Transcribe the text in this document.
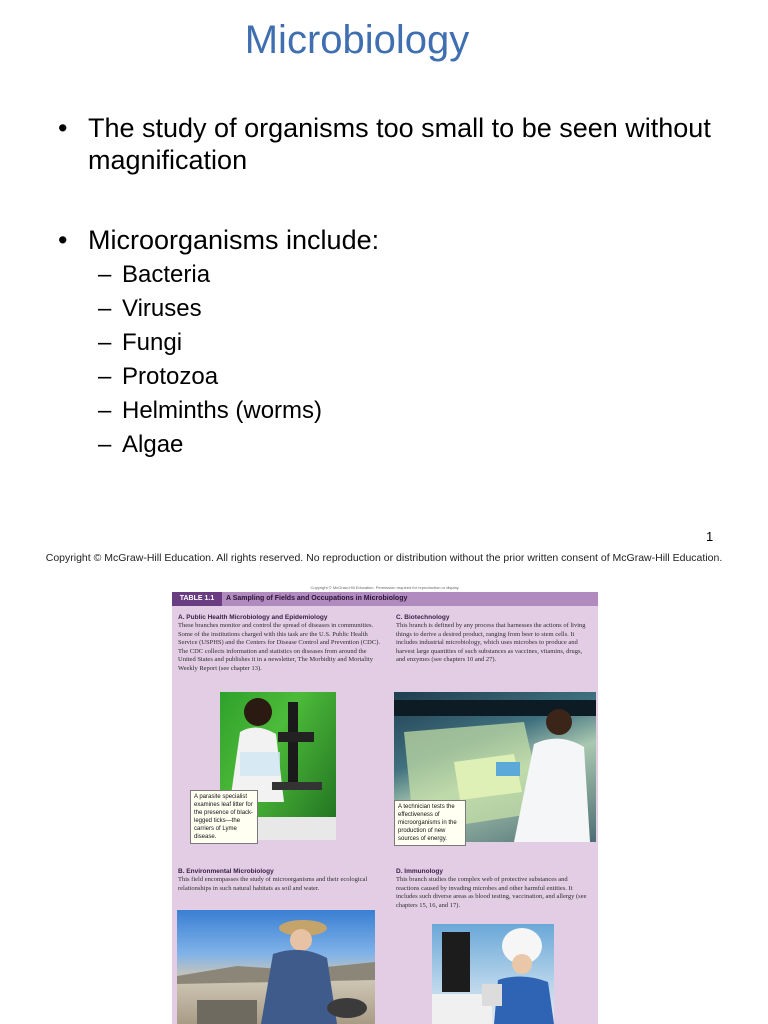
Microbiology
• The study of organisms too small to be seen without magnification
• Microorganisms include:
– Bacteria
– Viruses
– Fungi
– Protozoa
– Helminths (worms)
– Algae
1
Copyright © McGraw-Hill Education. All rights reserved. No reproduction or distribution without the prior written consent of McGraw-Hill Education.
Copyright © McGraw-Hill Education. Permission required for reproduction or display.
TABLE 1.1	A Sampling of Fields and Occupations in Microbiology
A. Public Health Microbiology and Epidemiology
These branches monitor and control the spread of diseases in communities. Some of the institutions charged with this task are the U.S. Public Health Service (USPHS) and the Centers for Disease Control and Prevention (CDC). The CDC collects information and statistics on diseases from around the United States and publishes it in a newsletter, The Morbidity and Mortality Weekly Report (see chapter 13).
C. Biotechnology
This branch is defined by any process that harnesses the actions of living things to derive a desired product, ranging from beer to stem cells. It includes industrial microbiology, which uses microbes to produce and harvest large quantities of such substances as vaccines, vitamins, drugs, and enzymes (see chapters 10 and 27).
A parasite specialist examines leaf litter for the presence of black-legged ticks—the carriers of Lyme disease.
A technician tests the effectiveness of microorganisms in the production of new sources of energy.
B. Environmental Microbiology
This field encompasses the study of microorganisms and their ecological relationships in such natural habitats as soil and water.
D. Immunology
This branch studies the complex web of protective substances and reactions caused by invading microbes and other harmful entities. It includes such diverse areas as blood testing, vaccination, and allergy (see chapters 15, 16, and 17).
